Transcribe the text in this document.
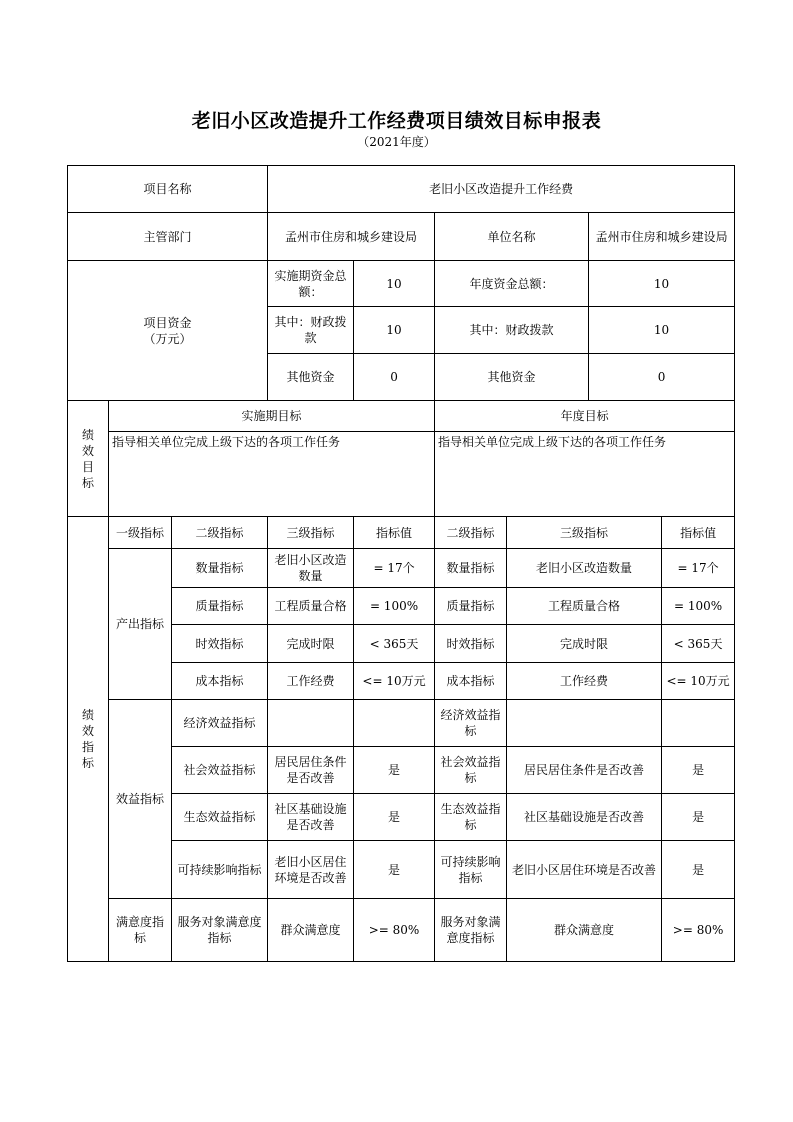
老旧小区改造提升工作经费项目绩效目标申报表
（2021年度）
项目名称			老旧小区改造提升工作经费					
主管部门			孟州市住房和城乡建设局		单位名称		孟州市住房和城乡建设局	

项目资金
（万元）			实施期资金总额：	10	年度资金总额：		10	
			其中：财政拨款	10	其中：财政拨款		10	
			其他资金	0	其他资金		0	

绩效目标	实施期目标				年度目标			
	指导相关单位完成上级下达的各项工作任务				指导相关单位完成上级下达的各项工作任务			

绩效指标	一级指标	二级指标	三级指标	指标值	二级指标	三级指标		指标值
	产出指标	数量指标	老旧小区改造数量	= 17个	数量指标	老旧小区改造数量		= 17个
		质量指标	工程质量合格	= 100%	质量指标	工程质量合格		= 100%
		时效指标	完成时限	< 365天	时效指标	完成时限		< 365天
		成本指标	工作经费	<= 10万元	成本指标	工作经费		<= 10万元
	效益指标	经济效益指标			经济效益指标			
		社会效益指标	居民居住条件是否改善	是	社会效益指标	居民居住条件是否改善		是
		生态效益指标	社区基础设施是否改善	是	生态效益指标	社区基础设施是否改善		是
		可持续影响指标	老旧小区居住环境是否改善	是	可持续影响指标	老旧小区居住环境是否改善		是
	满意度指标	服务对象满意度指标	群众满意度	>= 80%	服务对象满意度指标	群众满意度		>= 80%
